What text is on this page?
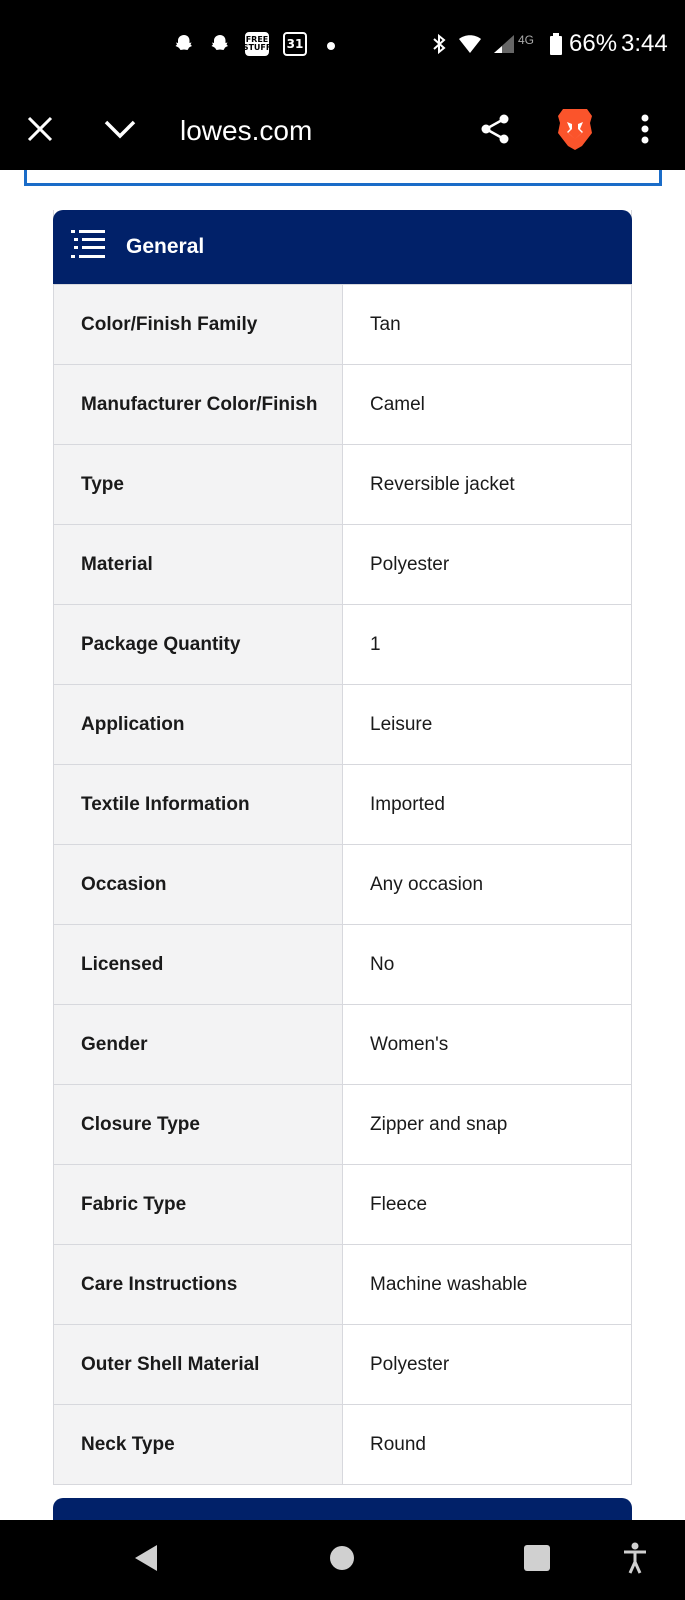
FREE STUFF	31	4G 66% 3:44
lowes.com
General
Color/Finish Family	Tan
Manufacturer Color/Finish	Camel
Type	Reversible jacket
Material	Polyester
Package Quantity	1
Application	Leisure
Textile Information	Imported
Occasion	Any occasion
Licensed	No
Gender	Women's
Closure Type	Zipper and snap
Fabric Type	Fleece
Care Instructions	Machine washable
Outer Shell Material	Polyester
Neck Type	Round
